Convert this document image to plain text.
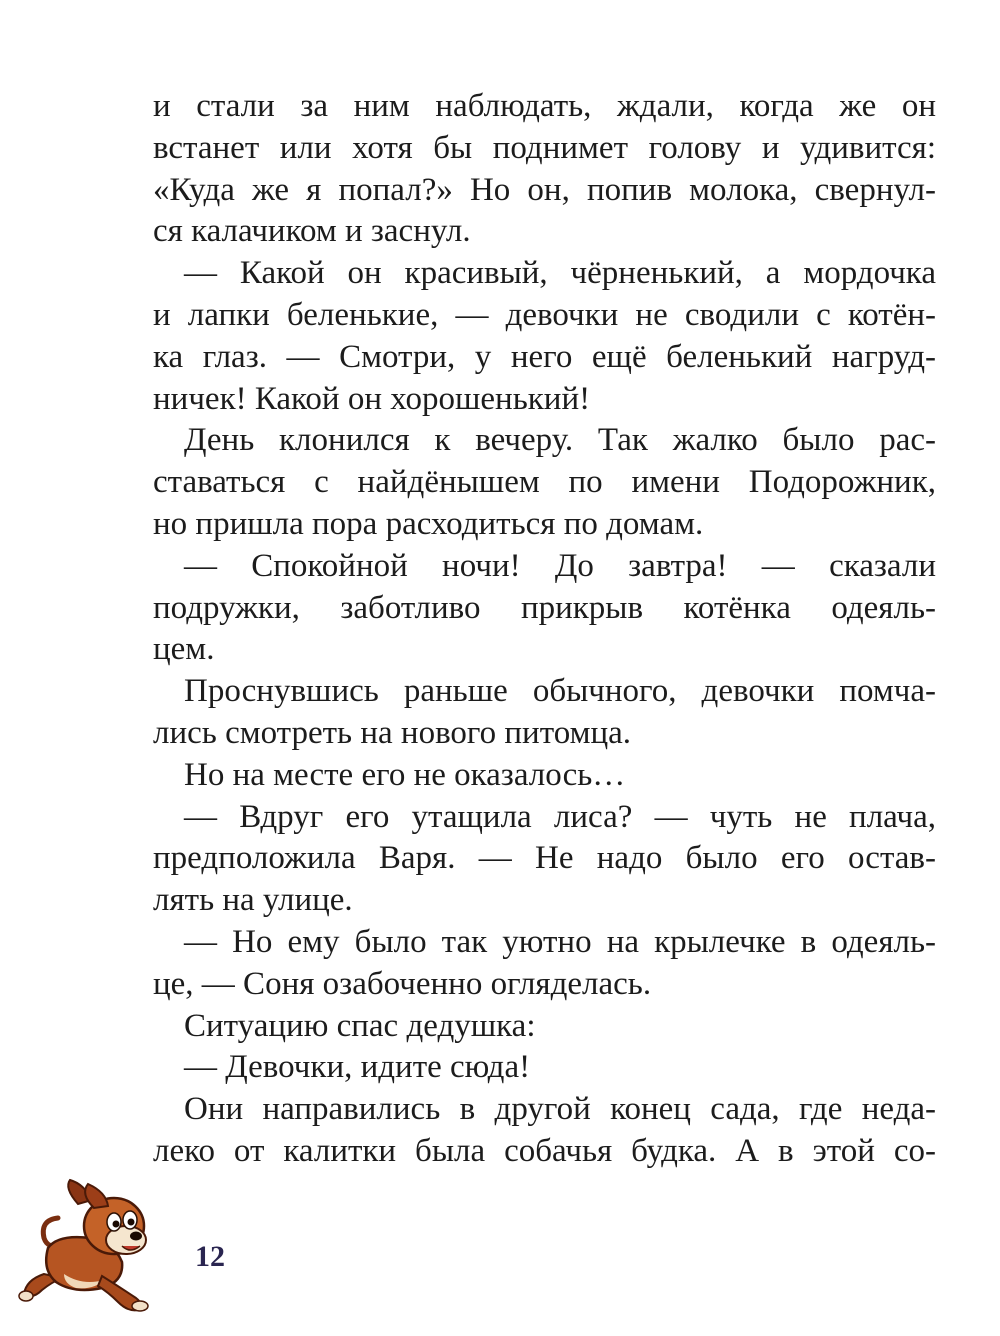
и стали за ним наблюдать, ждали, когда же он
встанет или хотя бы поднимет голову и удивится:
«Куда же я попал?» Но он, попив молока, свернул-
ся калачиком и заснул.
— Какой он красивый, чёрненький, а мордочка
и лапки беленькие, — девочки не сводили с котён-
ка глаз. — Смотри, у него ещё беленький нагруд-
ничек! Какой он хорошенький!
День клонился к вечеру. Так жалко было рас-
ставаться с найдёнышем по имени Подорожник,
но пришла пора расходиться по домам.
— Спокойной ночи! До завтра! — сказали
подружки, заботливо прикрыв котёнка одеяль-
цем.
Проснувшись раньше обычного, девочки помча-
лись смотреть на нового питомца.
Но на месте его не оказалось…
— Вдруг его утащила лиса? — чуть не плача,
предположила Варя. — Не надо было его остав-
лять на улице.
— Но ему было так уютно на крылечке в одеяль-
це, — Соня озабоченно огляделась.
Ситуацию спас дедушка:
— Девочки, идите сюда!
Они направились в другой конец сада, где неда-
леко от калитки была собачья будка. А в этой со-
12
